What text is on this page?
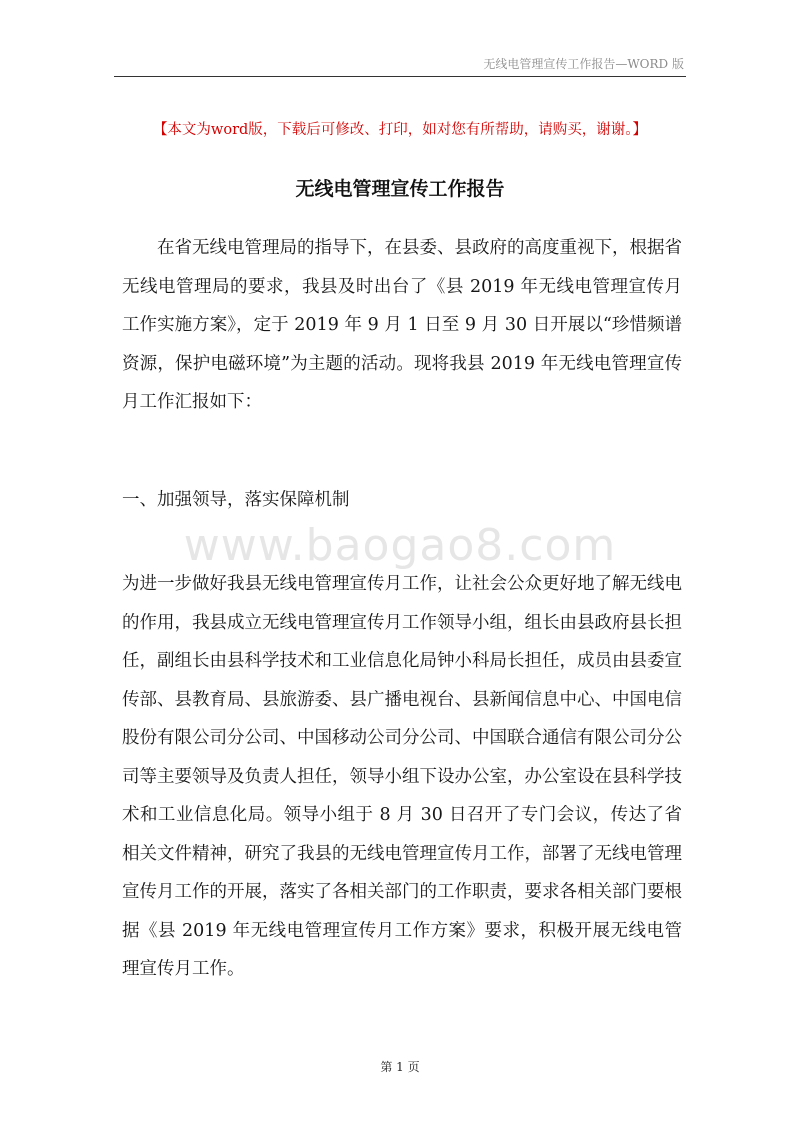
无线电管理宣传工作报告—WORD 版
【本文为word版，下载后可修改、打印，如对您有所帮助，请购买，谢谢。】
无线电管理宣传工作报告
在省无线电管理局的指导下，在县委、县政府的高度重视下，根据省无线电管理局的要求，我县及时出台了《县 2019 年无线电管理宣传月工作实施方案》，定于 2019 年 9 月 1 日至 9 月 30 日开展以“珍惜频谱资源，保护电磁环境”为主题的活动。现将我县 2019 年无线电管理宣传月工作汇报如下：
一、加强领导，落实保障机制
www.baogao8.com
为进一步做好我县无线电管理宣传月工作，让社会公众更好地了解无线电的作用，我县成立无线电管理宣传月工作领导小组，组长由县政府县长担任，副组长由县科学技术和工业信息化局钟小科局长担任，成员由县委宣传部、县教育局、县旅游委、县广播电视台、县新闻信息中心、中国电信股份有限公司分公司、中国移动公司分公司、中国联合通信有限公司分公司等主要领导及负责人担任，领导小组下设办公室，办公室设在县科学技术和工业信息化局。领导小组于 8 月 30 日召开了专门会议，传达了省相关文件精神，研究了我县的无线电管理宣传月工作，部署了无线电管理宣传月工作的开展，落实了各相关部门的工作职责，要求各相关部门要根据《县 2019 年无线电管理宣传月工作方案》要求，积极开展无线电管理宣传月工作。
第 1 页
